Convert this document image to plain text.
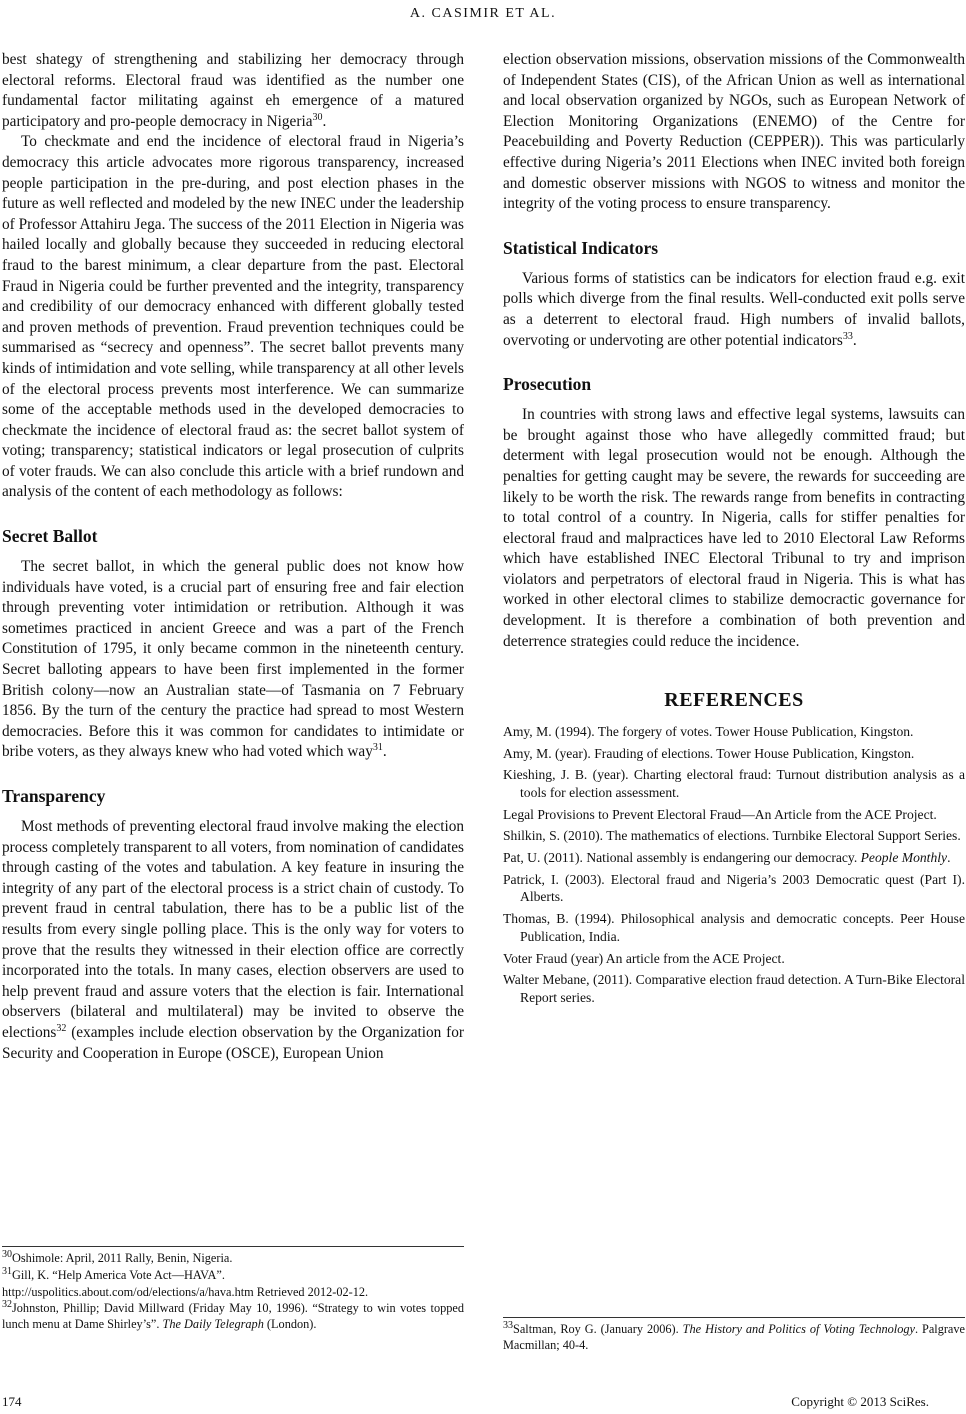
A. CASIMIR ET AL.

best shategy of strengthening and stabilizing her democracy through electoral reforms. Electoral fraud was identified as the number one fundamental factor militating against eh emergence of a matured participatory and pro-people democracy in Nigeria$^{30}$.

To checkmate and end the incidence of electoral fraud in Nigeria’s democracy this article advocates more rigorous transparency, increased people participation in the pre-during, and post election phases in the future as well reflected and modeled by the new INEC under the leadership of Professor Attahiru Jega. The success of the 2011 Election in Nigeria was hailed locally and globally because they succeeded in reducing electoral fraud to the barest minimum, a clear departure from the past. Electoral Fraud in Nigeria could be further prevented and the integrity, transparency and credibility of our democracy enhanced with different globally tested and proven methods of prevention. Fraud prevention techniques could be summarised as “secrecy and openness”. The secret ballot prevents many kinds of intimidation and vote selling, while transparency at all other levels of the electoral process prevents most interference. We can summarize some of the acceptable methods used in the developed democracies to checkmate the incidence of electoral fraud as: the secret ballot system of voting; transparency; statistical indicators or legal prosecution of culprits of voter frauds. We can also conclude this article with a brief rundown and analysis of the content of each methodology as follows:

Secret Ballot

The secret ballot, in which the general public does not know how individuals have voted, is a crucial part of ensuring free and fair election through preventing voter intimidation or retribution. Although it was sometimes practiced in ancient Greece and was a part of the French Constitution of 1795, it only became common in the nineteenth century. Secret balloting appears to have been first implemented in the former British colony—now an Australian state—of Tasmania on 7 February 1856. By the turn of the century the practice had spread to most Western democracies. Before this it was common for candidates to intimidate or bribe voters, as they always knew who had voted which way$^{31}$.

Transparency

Most methods of preventing electoral fraud involve making the election process completely transparent to all voters, from nomination of candidates through casting of the votes and tabulation. A key feature in insuring the integrity of any part of the electoral process is a strict chain of custody. To prevent fraud in central tabulation, there has to be a public list of the results from every single polling place. This is the only way for voters to prove that the results they witnessed in their election office are correctly incorporated into the totals. In many cases, election observers are used to help prevent fraud and assure voters that the election is fair. International observers (bilateral and multilateral) may be invited to observe the elections$^{32}$ (examples include election observation by the Organization for Security and Cooperation in Europe (OSCE), European Union

election observation missions, observation missions of the Commonwealth of Independent States (CIS), of the African Union as well as international and local observation organized by NGOs, such as European Network of Election Monitoring Organizations (ENEMO) of the Centre for Peacebuilding and Poverty Reduction (CEPPER)). This was particularly effective during Nigeria’s 2011 Elections when INEC invited both foreign and domestic observer missions with NGOS to witness and monitor the integrity of the voting process to ensure transparency.

Statistical Indicators

Various forms of statistics can be indicators for election fraud e.g. exit polls which diverge from the final results. Well-conducted exit polls serve as a deterrent to electoral fraud. High numbers of invalid ballots, overvoting or undervoting are other potential indicators$^{33}$.

Prosecution

In countries with strong laws and effective legal systems, lawsuits can be brought against those who have allegedly committed fraud; but determent with legal prosecution would not be enough. Although the penalties for getting caught may be severe, the rewards for succeeding are likely to be worth the risk. The rewards range from benefits in contracting to total control of a country. In Nigeria, calls for stiffer penalties for electoral fraud and malpractices have led to 2010 Electoral Law Reforms which have established INEC Electoral Tribunal to try and imprison violators and perpetrators of electoral fraud in Nigeria. This is what has worked in other electoral climes to stabilize democractic governance for development. It is therefore a combination of both prevention and deterrence strategies could reduce the incidence.

REFERENCES
Amy, M. (1994). The forgery of votes. Tower House Publication, Kingston.
Amy, M. (year). Frauding of elections. Tower House Publication, Kingston.
Kieshing, J. B. (year). Charting electoral fraud: Turnout distribution analysis as a tools for election assessment.
Legal Provisions to Prevent Electoral Fraud—An Article from the ACE Project.
Shilkin, S. (2010). The mathematics of elections. Turnbike Electoral Support Series.
Pat, U. (2011). National assembly is endangering our democracy. People Monthly.
Patrick, I. (2003). Electoral fraud and Nigeria’s 2003 Democratic quest (Part I). Alberts.
Thomas, B. (1994). Philosophical analysis and democratic concepts. Peer House Publication, India.
Voter Fraud (year) An article from the ACE Project.
Walter Mebane, (2011). Comparative election fraud detection. A Turn-Bike Electoral Report series.
$^{30}$Oshimole: April, 2011 Rally, Benin, Nigeria.
$^{31}$Gill, K. “Help America Vote Act—HAVA”.
http://uspolitics.about.com/od/elections/a/hava.htm Retrieved 2012-02-12.
$^{32}$Johnston, Phillip; David Millward (Friday May 10, 1996). “Strategy to win votes topped lunch menu at Dame Shirley’s”. The Daily Telegraph (London).	$^{33}$Saltman, Roy G. (January 2006). The History and Politics of Voting Technology. Palgrave Macmillan; 40-4.
174	Copyright © 2013 SciRes.
